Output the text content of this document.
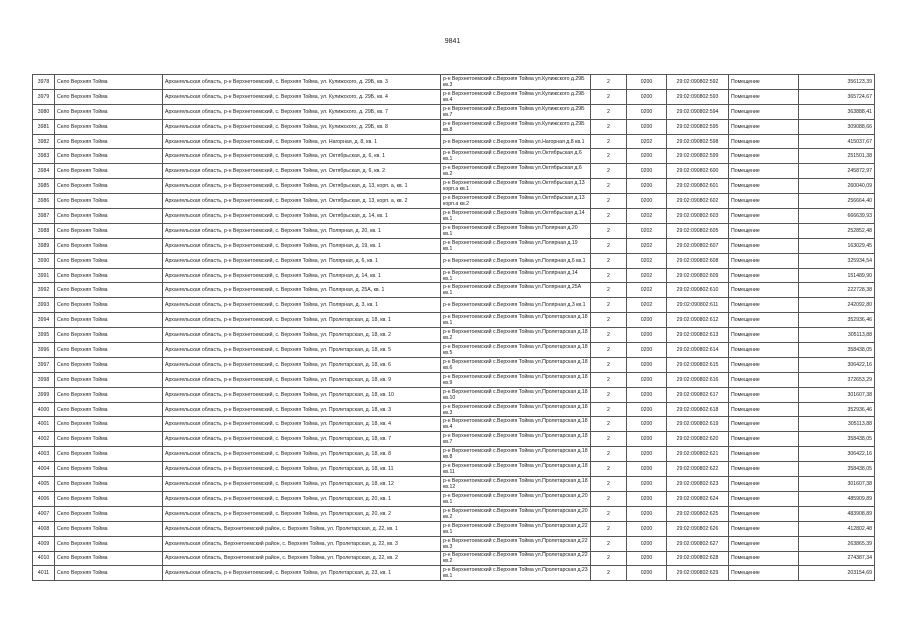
9841
3978	Село Верхняя Тойма	Архангельская область, р-н Верхнетоемский, с. Верхняя Тойма, ул. Кулижского, д. 29Б, кв. 3	р-н Верхнетоемский с.Верхняя Тойма ул.Кулижского д.29Б кв.3	2	0200	29:02:090802:592	Помещение	356123,39
3979	Село Верхняя Тойма	Архангельская область, р-н Верхнетоемский, с. Верхняя Тойма, ул. Кулижского, д. 29Б, кв. 4	р-н Верхнетоемский с.Верхняя Тойма ул.Кулижского д.29Б кв.4	2	0200	29:02:090802:593	Помещение	365724,67
3980	Село Верхняя Тойма	Архангельская область, р-н Верхнетоемский, с. Верхняя Тойма, ул. Кулижского, д. 29Б, кв. 7	р-н Верхнетоемский с.Верхняя Тойма ул.Кулижского д.29Б кв.7	2	0200	29:02:090802:594	Помещение	363888,41
3981	Село Верхняя Тойма	Архангельская область, р-н Верхнетоемский, с. Верхняя Тойма, ул. Кулижского, д. 29Б, кв. 8	р-н Верхнетоемский с.Верхняя Тойма ул.Кулижского д.29Б кв.8	2	0200	29:02:090802:595	Помещение	309088,66
3982	Село Верхняя Тойма	Архангельская область, р-н Верхнетоемский, с. Верхняя Тойма, ул. Нагорная, д. 8, кв. 1	р-н Верхнетоемский с.Верхняя Тойма ул.Нагорная д.8 кв.1	2	0202	29:02:090802:598	Помещение	415037,67
3983	Село Верхняя Тойма	Архангельская область, р-н Верхнетоемский, с. Верхняя Тойма, ул. Октябрьская, д. 6, кв. 1	р-н Верхнетоемский с.Верхняя Тойма ул.Октябрьская д.6 кв.1	2	0200	29:02:090802:599	Помещение	251501,38
3984	Село Верхняя Тойма	Архангельская область, р-н Верхнетоемский, с. Верхняя Тойма, ул. Октябрьская, д. 6, кв. 2	р-н Верхнетоемский с.Верхняя Тойма ул.Октябрьская д.6 кв.2	2	0200	29:02:090802:600	Помещение	245872,97
3985	Село Верхняя Тойма	Архангельская область, р-н Верхнетоемский, с. Верхняя Тойма, ул. Октябрьская, д. 13, корп. а, кв. 1	р-н Верхнетоемский с.Верхняя Тойма ул.Октябрьская д.13 корп.а кв.1	2	0200	29:02:090802:601	Помещение	260040,09
3986	Село Верхняя Тойма	Архангельская область, р-н Верхнетоемский, с. Верхняя Тойма, ул. Октябрьская, д. 13, корп. а, кв. 2	р-н Верхнетоемский с.Верхняя Тойма ул.Октябрьская д.13 корп.а кв.2	2	0200	29:02:090802:602	Помещение	256664,40
3987	Село Верхняя Тойма	Архангельская область, р-н Верхнетоемский, с. Верхняя Тойма, ул. Октябрьская, д. 14, кв. 1	р-н Верхнетоемский с.Верхняя Тойма ул.Октябрьская д.14 кв.1	2	0202	29:02:090802:603	Помещение	666639,93
3988	Село Верхняя Тойма	Архангельская область, р-н Верхнетоемский, с. Верхняя Тойма, ул. Полярная, д. 20, кв. 1	р-н Верхнетоемский с.Верхняя Тойма ул.Полярная д.20 кв.1	2	0202	29:02:090802:605	Помещение	252852,48
3989	Село Верхняя Тойма	Архангельская область, р-н Верхнетоемский, с. Верхняя Тойма, ул. Полярная, д. 19, кв. 1	р-н Верхнетоемский с.Верхняя Тойма ул.Полярная д.19 кв.1	2	0202	29:02:090802:607	Помещение	163029,45
3990	Село Верхняя Тойма	Архангельская область, р-н Верхнетоемский, с. Верхняя Тойма, ул. Полярная, д. 6, кв. 1	р-н Верхнетоемский с.Верхняя Тойма ул.Полярная д.6 кв.1	2	0202	29:02:090802:608	Помещение	325934,54
3991	Село Верхняя Тойма	Архангельская область, р-н Верхнетоемский, с. Верхняя Тойма, ул. Полярная, д. 14, кв. 1	р-н Верхнетоемский с.Верхняя Тойма ул.Полярная д.14 кв.1	2	0202	29:02:090802:609	Помещение	151489,90
3992	Село Верхняя Тойма	Архангельская область, р-н Верхнетоемский, с. Верхняя Тойма, ул. Полярная, д. 25А, кв. 1	р-н Верхнетоемский с.Верхняя Тойма ул.Полярная д.25А кв.1	2	0202	29:02:090802:610	Помещение	222728,38
3993	Село Верхняя Тойма	Архангельская область, р-н Верхнетоемский, с. Верхняя Тойма, ул. Полярная, д. 3, кв. 1	р-н Верхнетоемский с.Верхняя Тойма ул.Полярная д.3 кв.1	2	0202	29:02:090802:611	Помещение	242092,80
3994	Село Верхняя Тойма	Архангельская область, р-н Верхнетоемский, с. Верхняя Тойма, ул. Пролетарская, д. 18, кв. 1	р-н Верхнетоемский с.Верхняя Тойма ул.Пролетарская д.18 кв.1	2	0200	29:02:090802:612	Помещение	352936,46
3995	Село Верхняя Тойма	Архангельская область, р-н Верхнетоемский, с. Верхняя Тойма, ул. Пролетарская, д. 18, кв. 2	р-н Верхнетоемский с.Верхняя Тойма ул.Пролетарская д.18 кв.2	2	0200	29:02:090802:613	Помещение	305113,88
3996	Село Верхняя Тойма	Архангельская область, р-н Верхнетоемский, с. Верхняя Тойма, ул. Пролетарская, д. 18, кв. 5	р-н Верхнетоемский с.Верхняя Тойма ул.Пролетарская д.18 кв.5	2	0200	29:02:090802:614	Помещение	358438,05
3997	Село Верхняя Тойма	Архангельская область, р-н Верхнетоемский, с. Верхняя Тойма, ул. Пролетарская, д. 18, кв. 6	р-н Верхнетоемский с.Верхняя Тойма ул.Пролетарская д.18 кв.6	2	0200	29:02:090802:615	Помещение	306422,16
3998	Село Верхняя Тойма	Архангельская область, р-н Верхнетоемский, с. Верхняя Тойма, ул. Пролетарская, д. 18, кв. 9	р-н Верхнетоемский с.Верхняя Тойма ул.Пролетарская д.18 кв.9	2	0200	29:02:090802:616	Помещение	372653,29
3999	Село Верхняя Тойма	Архангельская область, р-н Верхнетоемский, с. Верхняя Тойма, ул. Пролетарская, д. 18, кв. 10	р-н Верхнетоемский с.Верхняя Тойма ул.Пролетарская д.18 кв.10	2	0200	29:02:090802:617	Помещение	301607,38
4000	Село Верхняя Тойма	Архангельская область, р-н Верхнетоемский, с. Верхняя Тойма, ул. Пролетарская, д. 18, кв. 3	р-н Верхнетоемский с.Верхняя Тойма ул.Пролетарская д.18 кв.3	2	0200	29:02:090802:618	Помещение	352936,46
4001	Село Верхняя Тойма	Архангельская область, р-н Верхнетоемский, с. Верхняя Тойма, ул. Пролетарская, д. 18, кв. 4	р-н Верхнетоемский с.Верхняя Тойма ул.Пролетарская д.18 кв.4	2	0200	29:02:090802:619	Помещение	305113,88
4002	Село Верхняя Тойма	Архангельская область, р-н Верхнетоемский, с. Верхняя Тойма, ул. Пролетарская, д. 18, кв. 7	р-н Верхнетоемский с.Верхняя Тойма ул.Пролетарская д.18 кв.7	2	0200	29:02:090802:620	Помещение	358438,05
4003	Село Верхняя Тойма	Архангельская область, р-н Верхнетоемский, с. Верхняя Тойма, ул. Пролетарская, д. 18, кв. 8	р-н Верхнетоемский с.Верхняя Тойма ул.Пролетарская д.18 кв.8	2	0200	29:02:090802:621	Помещение	306422,16
4004	Село Верхняя Тойма	Архангельская область, р-н Верхнетоемский, с. Верхняя Тойма, ул. Пролетарская, д. 18, кв. 11	р-н Верхнетоемский с.Верхняя Тойма ул.Пролетарская д.18 кв.11	2	0200	29:02:090802:622	Помещение	358438,05
4005	Село Верхняя Тойма	Архангельская область, р-н Верхнетоемский, с. Верхняя Тойма, ул. Пролетарская, д. 18, кв. 12	р-н Верхнетоемский с.Верхняя Тойма ул.Пролетарская д.18 кв.12	2	0200	29:02:090802:623	Помещение	301607,38
4006	Село Верхняя Тойма	Архангельская область, р-н Верхнетоемский, с. Верхняя Тойма, ул. Пролетарская, д. 20, кв. 1	р-н Верхнетоемский с.Верхняя Тойма ул.Пролетарская д.20 кв.1	2	0200	29:02:090802:624	Помещение	485909,89
4007	Село Верхняя Тойма	Архангельская область, р-н Верхнетоемский, с. Верхняя Тойма, ул. Пролетарская, д. 20, кв. 2	р-н Верхнетоемский с.Верхняя Тойма ул.Пролетарская д.20 кв.2	2	0200	29:02:090802:625	Помещение	483908,89
4008	Село Верхняя Тойма	Архангельская область, Верхнетоемский район, с. Верхняя Тойма, ул. Пролетарская, д. 22, кв. 1	р-н Верхнетоемский с.Верхняя Тойма ул.Пролетарская д.22 кв.1	2	0200	29:02:090802:626	Помещение	412802,48
4009	Село Верхняя Тойма	Архангельская область, Верхнетоемский район, с. Верхняя Тойма, ул. Пролетарская, д. 22, кв. 3	р-н Верхнетоемский с.Верхняя Тойма ул.Пролетарская д.22 кв.3	2	0200	29:02:090802:627	Помещение	263865,39
4010	Село Верхняя Тойма	Архангельская область, Верхнетоемский район, с. Верхняя Тойма, ул. Пролетарская, д. 22, кв. 2	р-н Верхнетоемский с.Верхняя Тойма ул.Пролетарская д.22 кв.2	2	0200	29:02:090802:628	Помещение	274387,34
4011	Село Верхняя Тойма	Архангельская область, р-н Верхнетоемский, с. Верхняя Тойма, ул. Пролетарская, д. 23, кв. 1	р-н Верхнетоемский с.Верхняя Тойма ул.Пролетарская д.23 кв.1	2	0200	29:02:090802:629	Помещение	203154,69
